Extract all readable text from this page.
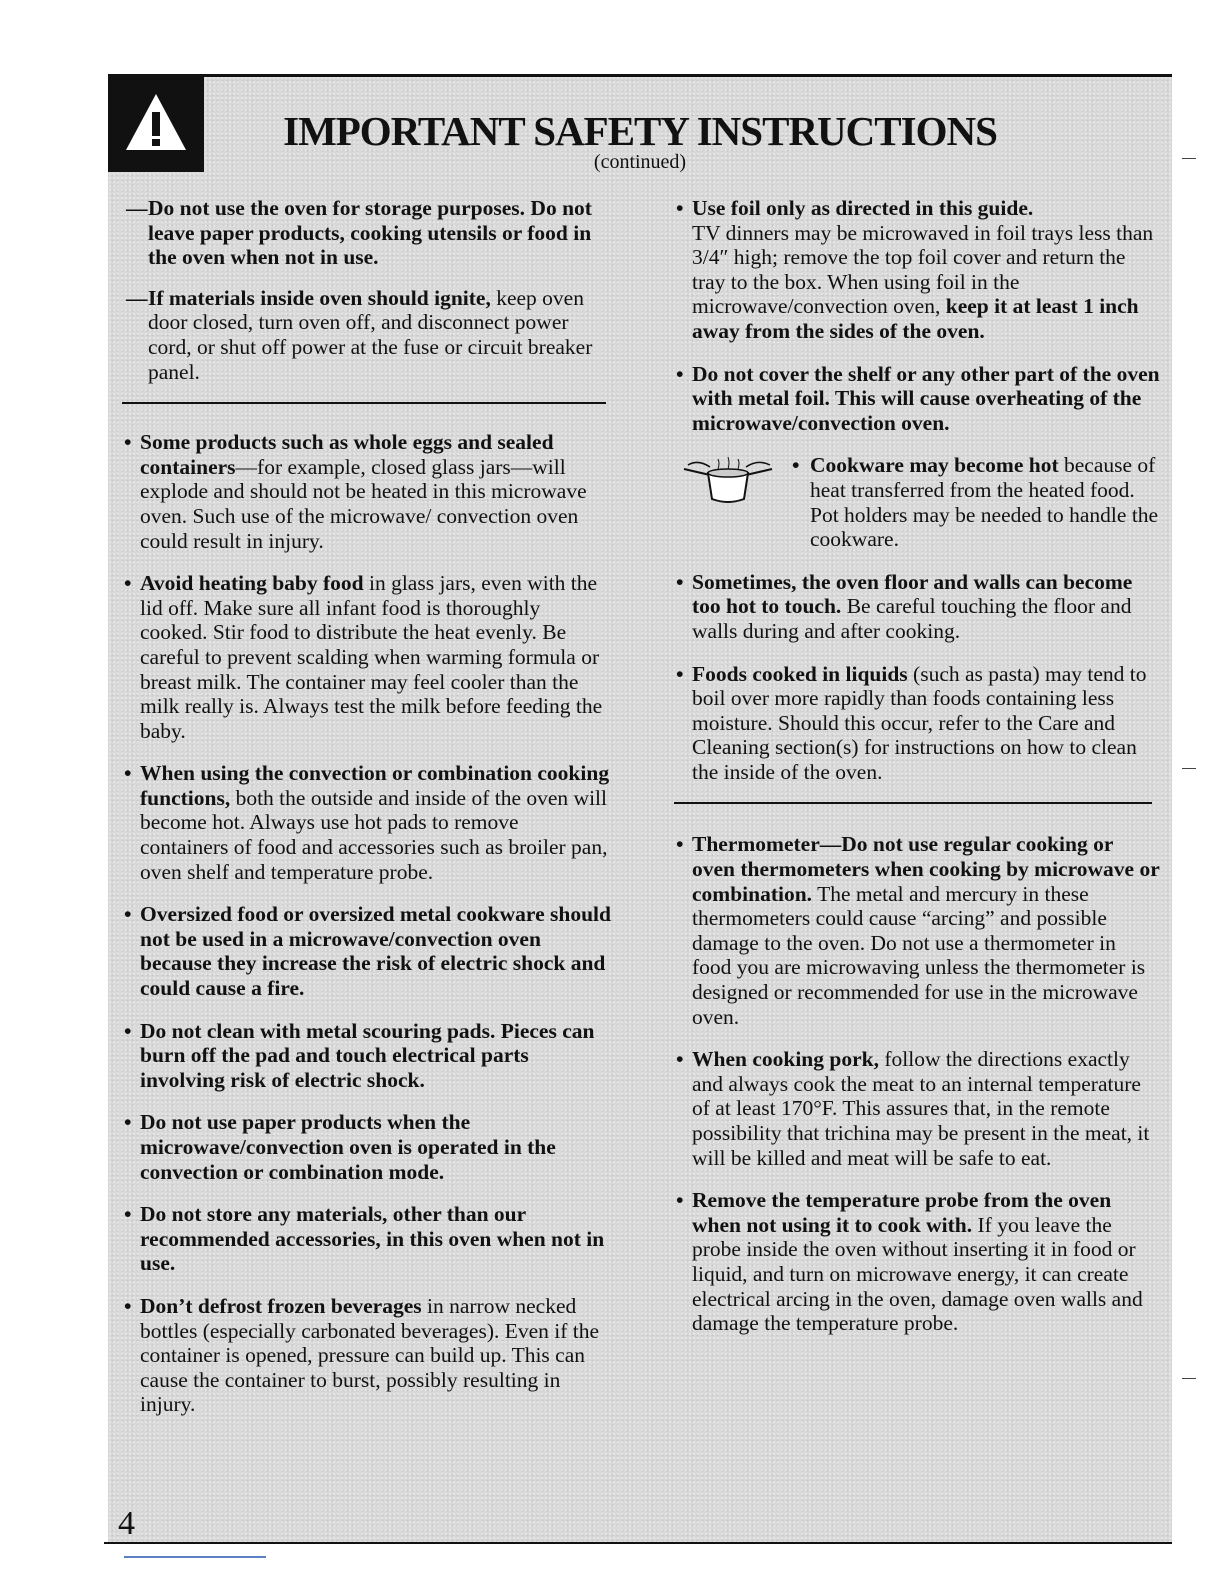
IMPORTANT SAFETY INSTRUCTIONS
(continued)
— Do not use the oven for storage purposes. Do not leave paper products, cooking utensils or food in the oven when not in use.
— If materials inside oven should ignite, keep oven door closed, turn oven off, and disconnect power cord, or shut off power at the fuse or circuit breaker panel.
• Some products such as whole eggs and sealed containers—for example, closed glass jars—will explode and should not be heated in this microwave oven. Such use of the microwave/ convection oven could result in injury.
• Avoid heating baby food in glass jars, even with the lid off. Make sure all infant food is thoroughly cooked. Stir food to distribute the heat evenly. Be careful to prevent scalding when warming formula or breast milk. The container may feel cooler than the milk really is. Always test the milk before feeding the baby.
• When using the convection or combination cooking functions, both the outside and inside of the oven will become hot. Always use hot pads to remove containers of food and accessories such as broiler pan, oven shelf and temperature probe.
• Oversized food or oversized metal cookware should not be used in a microwave/convection oven because they increase the risk of electric shock and could cause a fire.
• Do not clean with metal scouring pads. Pieces can burn off the pad and touch electrical parts involving risk of electric shock.
• Do not use paper products when the microwave/convection oven is operated in the convection or combination mode.
• Do not store any materials, other than our recommended accessories, in this oven when not in use.
• Don’t defrost frozen beverages in narrow necked bottles (especially carbonated beverages). Even if the container is opened, pressure can build up. This can cause the container to burst, possibly resulting in injury.
• Use foil only as directed in this guide.
TV dinners may be microwaved in foil trays less than 3/4″ high; remove the top foil cover and return the tray to the box. When using foil in the microwave/convection oven, keep it at least 1 inch away from the sides of the oven.
• Do not cover the shelf or any other part of the oven with metal foil. This will cause overheating of the microwave/convection oven.
• Cookware may become hot because of heat transferred from the heated food. Pot holders may be needed to handle the cookware.
• Sometimes, the oven floor and walls can become too hot to touch. Be careful touching the floor and walls during and after cooking.
• Foods cooked in liquids (such as pasta) may tend to boil over more rapidly than foods containing less moisture. Should this occur, refer to the Care and Cleaning section(s) for instructions on how to clean the inside of the oven.
• Thermometer—Do not use regular cooking or oven thermometers when cooking by microwave or combination. The metal and mercury in these thermometers could cause “arcing” and possible damage to the oven. Do not use a thermometer in food you are microwaving unless the thermometer is designed or recommended for use in the microwave oven.
• When cooking pork, follow the directions exactly and always cook the meat to an internal temperature of at least 170°F. This assures that, in the remote possibility that trichina may be present in the meat, it will be killed and meat will be safe to eat.
• Remove the temperature probe from the oven when not using it to cook with. If you leave the probe inside the oven without inserting it in food or liquid, and turn on microwave energy, it can create electrical arcing in the oven, damage oven walls and damage the temperature probe.
4
